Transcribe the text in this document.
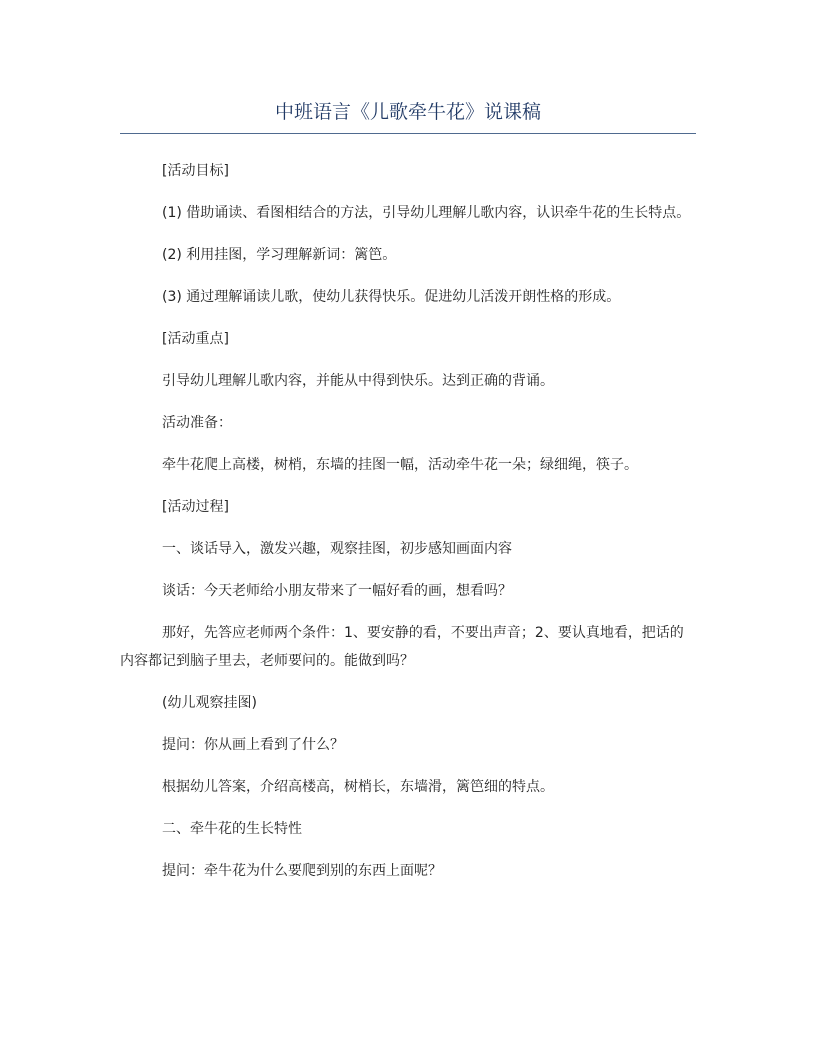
中班语言《儿歌牵牛花》说课稿

[活动目标]

(1) 借助诵读、看图相结合的方法，引导幼儿理解儿歌内容，认识牵牛花的生长特点。

(2) 利用挂图，学习理解新词：篱笆。

(3) 通过理解诵读儿歌，使幼儿获得快乐。促进幼儿活泼开朗性格的形成。

[活动重点]

引导幼儿理解儿歌内容，并能从中得到快乐。达到正确的背诵。

活动准备：

牵牛花爬上高楼，树梢，东墙的挂图一幅，活动牵牛花一朵；绿细绳，筷子。

[活动过程]

一、谈话导入，激发兴趣，观察挂图，初步感知画面内容

谈话：今天老师给小朋友带来了一幅好看的画，想看吗？

那好，先答应老师两个条件：1、要安静的看，不要出声音；2、要认真地看，把话的内容都记到脑子里去，老师要问的。能做到吗？

(幼儿观察挂图)

提问：你从画上看到了什么？

根据幼儿答案，介绍高楼高，树梢长，东墙滑，篱笆细的特点。

二、牵牛花的生长特性

提问：牵牛花为什么要爬到别的东西上面呢？
